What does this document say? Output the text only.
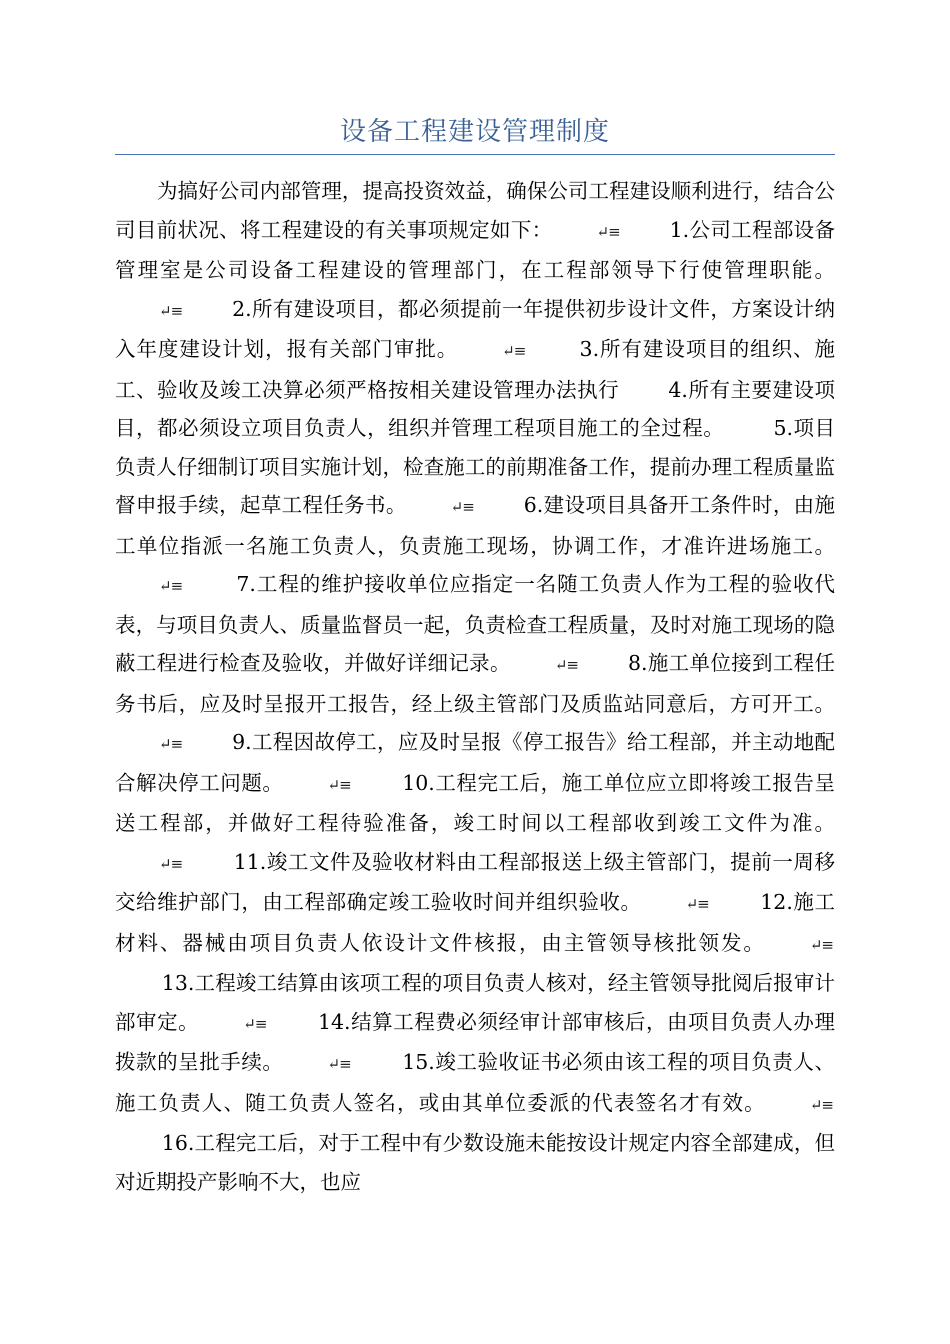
设备工程建设管理制度

为搞好公司内部管理，提高投资效益，确保公司工程建设顺利进行，结合公司目前状况、将工程建设的有关事项规定如下：	↵≡ 1.公司工程部设备管理室是公司设备工程建设的管理部门，在工程部领导下行使管理职能。↵≡ 2.所有建设项目，都必须提前一年提供初步设计文件，方案设计纳入年度建设计划，报有关部门审批。	↵≡	3.所有建设项目的组织、施工、验收及竣工决算必须严格按相关建设管理办法执行 4.所有主要建设项目，都必须设立项目负责人，组织并管理工程项目施工的全过程。 5.项目负责人仔细制订项目实施计划，检查施工的前期准备工作，提前办理工程质量监督申报手续，起草工程任务书。	↵≡ 6.建设项目具备开工条件时，由施工单位指派一名施工负责人，负责施工现场，协调工作，才准许进场施工。↵≡	7.工程的维护接收单位应指定一名随工负责人作为工程的验收代表，与项目负责人、质量监督员一起，负责检查工程质量，及时对施工现场的隐蔽工程进行检查及验收，并做好详细记录。	↵≡ 8.施工单位接到工程任务书后，应及时呈报开工报告，经上级主管部门及质监站同意后，方可开工。↵≡ 9.工程因故停工，应及时呈报《停工报告》给工程部，并主动地配合解决停工问题。	↵≡	10.工程完工后，施工单位应立即将竣工报告呈送工程部，并做好工程待验准备，竣工时间以工程部收到竣工文件为准。↵≡	11.竣工文件及验收材料由工程部报送上级主管部门，提前一周移交给维护部门，由工程部确定竣工验收时间并组织验收。	↵≡	12.施工材料、器械由项目负责人依设计文件核报，由主管领导核批领发。	↵≡       13.工程竣工结算由该项工程的项目负责人核对，经主管领导批阅后报审计部审定。	↵≡	14.结算工程费必须经审计部审核后，由项目负责人办理拨款的呈批手续。	↵≡	15.竣工验收证书必须由该工程的项目负责人、施工负责人、随工负责人签名，或由其单位委派的代表签名才有效。	↵≡       16.工程完工后，对于工程中有少数设施未能按设计规定内容全部建成，但对近期投产影响不大，也应
